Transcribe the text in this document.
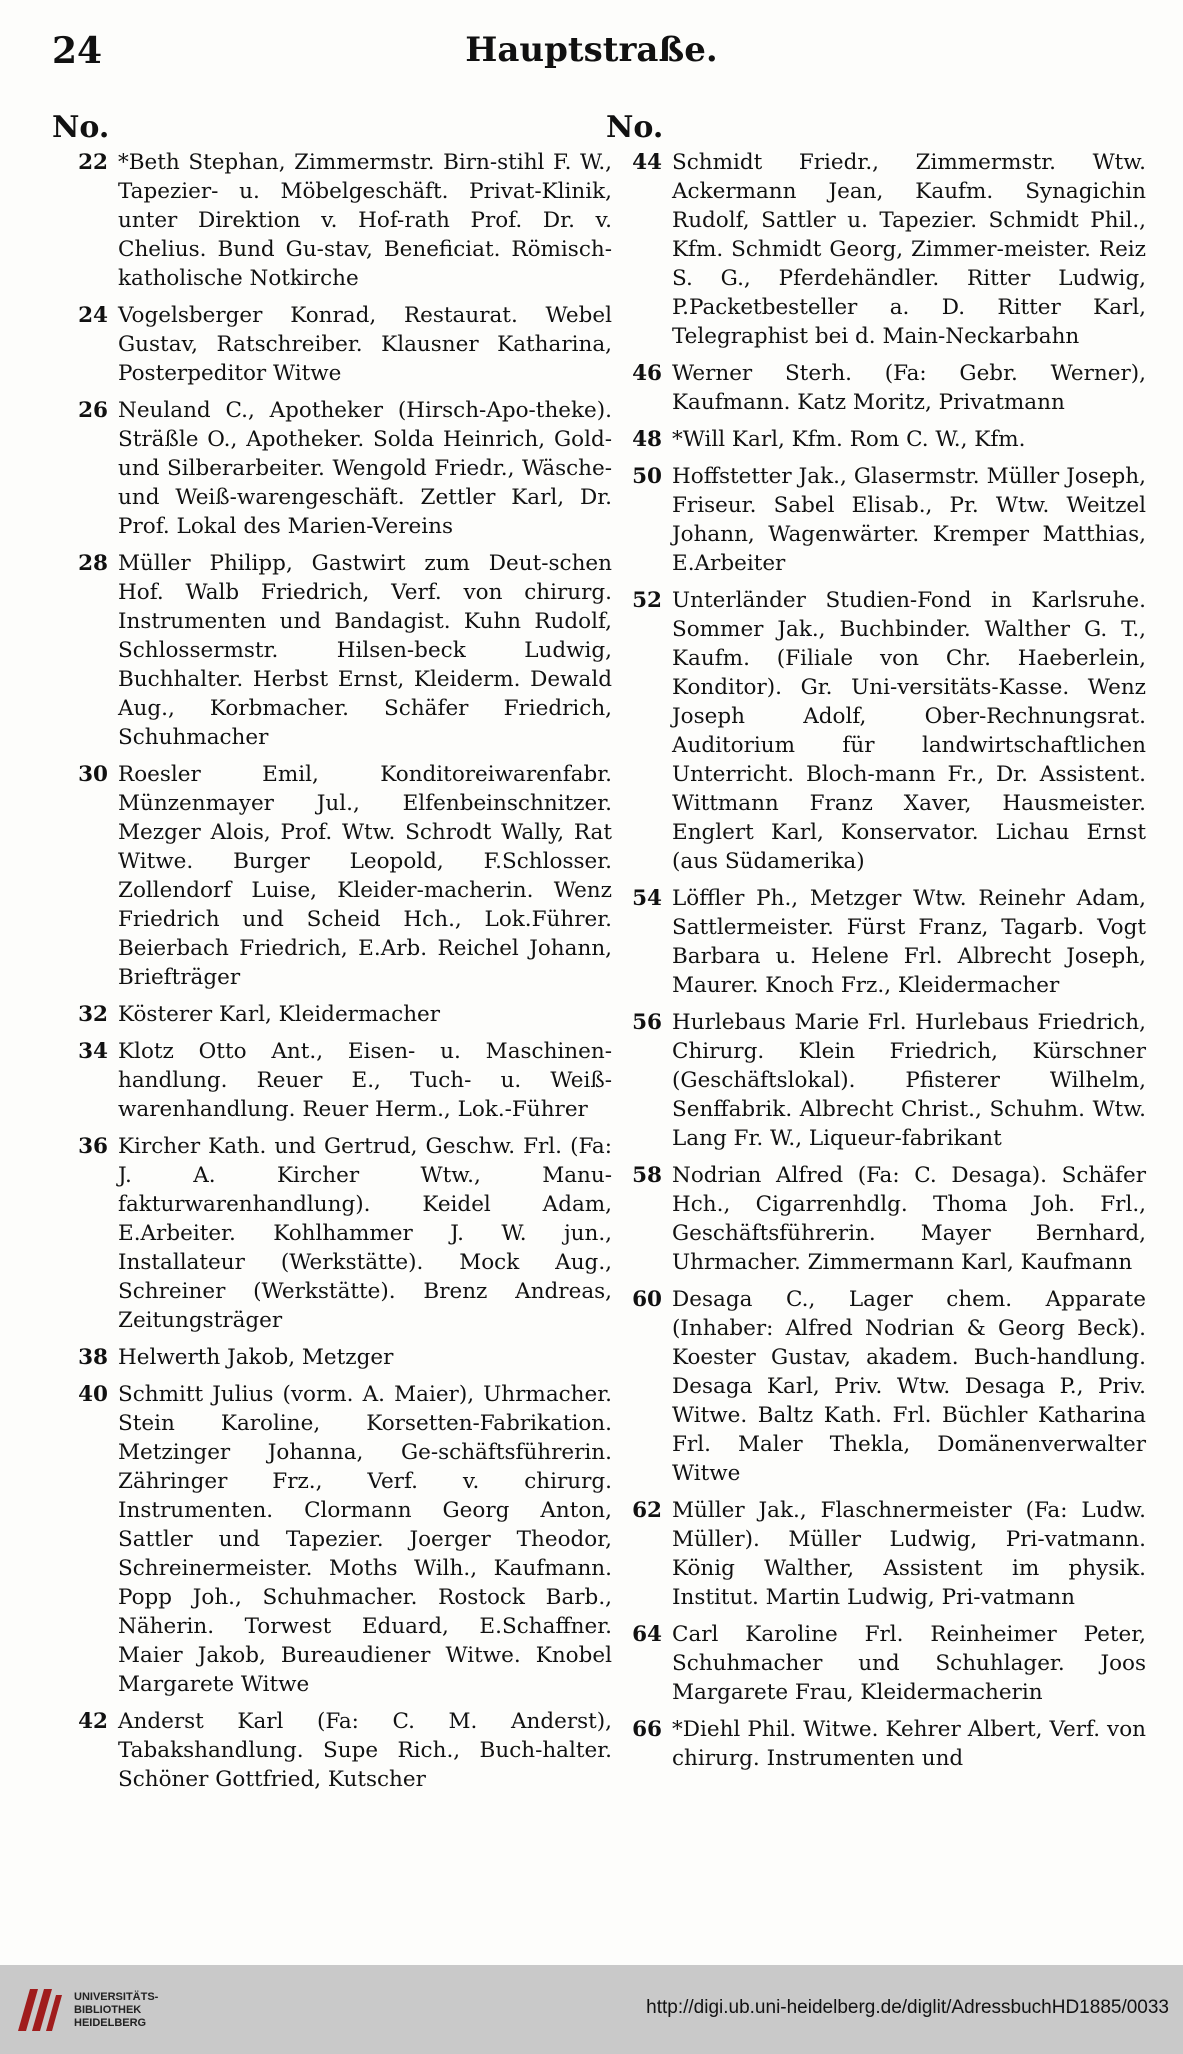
24	Hauptstraße.
No.
22 *Beth Stephan, Zimmermstr. Birn-stihl F. W., Tapezier- u. Möbelgeschäft. Privat-Klinik, unter Direktion v. Hof-rath Prof. Dr. v. Chelius. Bund Gu-stav, Beneficiat. Römisch-katholische Notkirche
24 Vogelsberger Konrad, Restaurat. Webel Gustav, Ratschreiber. Klausner Katharina, Posterpeditor Witwe
26 Neuland C., Apotheker (Hirsch-Apo-theke). Sträßle O., Apotheker. Solda Heinrich, Gold- und Silberarbeiter. Wengold Friedr., Wäsche- und Weiß-warengeschäft. Zettler Karl, Dr. Prof. Lokal des Marien-Vereins
28 Müller Philipp, Gastwirt zum Deut-schen Hof. Walb Friedrich, Verf. von chirurg. Instrumenten und Bandagist. Kuhn Rudolf, Schlossermstr. Hilsen-beck Ludwig, Buchhalter. Herbst Ernst, Kleiderm. Dewald Aug., Korbmacher. Schäfer Friedrich, Schuhmacher
30 Roesler Emil, Konditoreiwarenfabr. Münzenmayer Jul., Elfenbeinschnitzer. Mezger Alois, Prof. Wtw. Schrodt Wally, Rat Witwe. Burger Leopold, F.Schlosser. Zollendorf Luise, Kleider-macherin. Wenz Friedrich und Scheid Hch., Lok.Führer. Beierbach Friedrich, E.Arb. Reichel Johann, Briefträger
32 Kösterer Karl, Kleidermacher
34 Klotz Otto Ant., Eisen- u. Maschinen-handlung. Reuer E., Tuch- u. Weiß-warenhandlung. Reuer Herm., Lok.-Führer
36 Kircher Kath. und Gertrud, Geschw. Frl. (Fa: J. A. Kircher Wtw., Manu-fakturwarenhandlung). Keidel Adam, E.Arbeiter. Kohlhammer J. W. jun., Installateur (Werkstätte). Mock Aug., Schreiner (Werkstätte). Brenz Andreas, Zeitungsträger
38 Helwerth Jakob, Metzger
40 Schmitt Julius (vorm. A. Maier), Uhrmacher. Stein Karoline, Korsetten-Fabrikation. Metzinger Johanna, Ge-schäftsführerin. Zähringer Frz., Verf. v. chirurg. Instrumenten. Clormann Georg Anton, Sattler und Tapezier. Joerger Theodor, Schreinermeister. Moths Wilh., Kaufmann. Popp Joh., Schuhmacher. Rostock Barb., Näherin. Torwest Eduard, E.Schaffner. Maier Jakob, Bureaudiener Witwe. Knobel Margarete Witwe
42 Anderst Karl (Fa: C. M. Anderst), Tabakshandlung. Supe Rich., Buch-halter. Schöner Gottfried, Kutscher
No.
44 Schmidt Friedr., Zimmermstr. Wtw. Ackermann Jean, Kaufm. Synagichin Rudolf, Sattler u. Tapezier. Schmidt Phil., Kfm. Schmidt Georg, Zimmer-meister. Reiz S. G., Pferdehändler. Ritter Ludwig, P.Packetbesteller a. D. Ritter Karl, Telegraphist bei d. Main-Neckarbahn
46 Werner Sterh. (Fa: Gebr. Werner), Kaufmann. Katz Moritz, Privatmann
48 *Will Karl, Kfm. Rom C. W., Kfm.
50 Hoffstetter Jak., Glasermstr. Müller Joseph, Friseur. Sabel Elisab., Pr. Wtw. Weitzel Johann, Wagenwärter. Kremper Matthias, E.Arbeiter
52 Unterländer Studien-Fond in Karlsruhe. Sommer Jak., Buchbinder. Walther G. T., Kaufm. (Filiale von Chr. Haeberlein, Konditor). Gr. Uni-versitäts-Kasse. Wenz Joseph Adolf, Ober-Rechnungsrat. Auditorium für landwirtschaftlichen Unterricht. Bloch-mann Fr., Dr. Assistent. Wittmann Franz Xaver, Hausmeister. Englert Karl, Konservator. Lichau Ernst (aus Südamerika)
54 Löffler Ph., Metzger Wtw. Reinehr Adam, Sattlermeister. Fürst Franz, Tagarb. Vogt Barbara u. Helene Frl. Albrecht Joseph, Maurer. Knoch Frz., Kleidermacher
56 Hurlebaus Marie Frl. Hurlebaus Friedrich, Chirurg. Klein Friedrich, Kürschner (Geschäftslokal). Pfisterer Wilhelm, Senffabrik. Albrecht Christ., Schuhm. Wtw. Lang Fr. W., Liqueur-fabrikant
58 Nodrian Alfred (Fa: C. Desaga). Schäfer Hch., Cigarrenhdlg. Thoma Joh. Frl., Geschäftsführerin. Mayer Bernhard, Uhrmacher. Zimmermann Karl, Kaufmann
60 Desaga C., Lager chem. Apparate (Inhaber: Alfred Nodrian & Georg Beck). Koester Gustav, akadem. Buch-handlung. Desaga Karl, Priv. Wtw. Desaga P., Priv. Witwe. Baltz Kath. Frl. Büchler Katharina Frl. Maler Thekla, Domänenverwalter Witwe
62 Müller Jak., Flaschnermeister (Fa: Ludw. Müller). Müller Ludwig, Pri-vatmann. König Walther, Assistent im physik. Institut. Martin Ludwig, Pri-vatmann
64 Carl Karoline Frl. Reinheimer Peter, Schuhmacher und Schuhlager. Joos Margarete Frau, Kleidermacherin
66 *Diehl Phil. Witwe. Kehrer Albert, Verf. von chirurg. Instrumenten und
UNIVERSITÄTS-
BIBLIOTHEK
HEIDELBERG
http://digi.ub.uni-heidelberg.de/diglit/AdressbuchHD1885/0033
